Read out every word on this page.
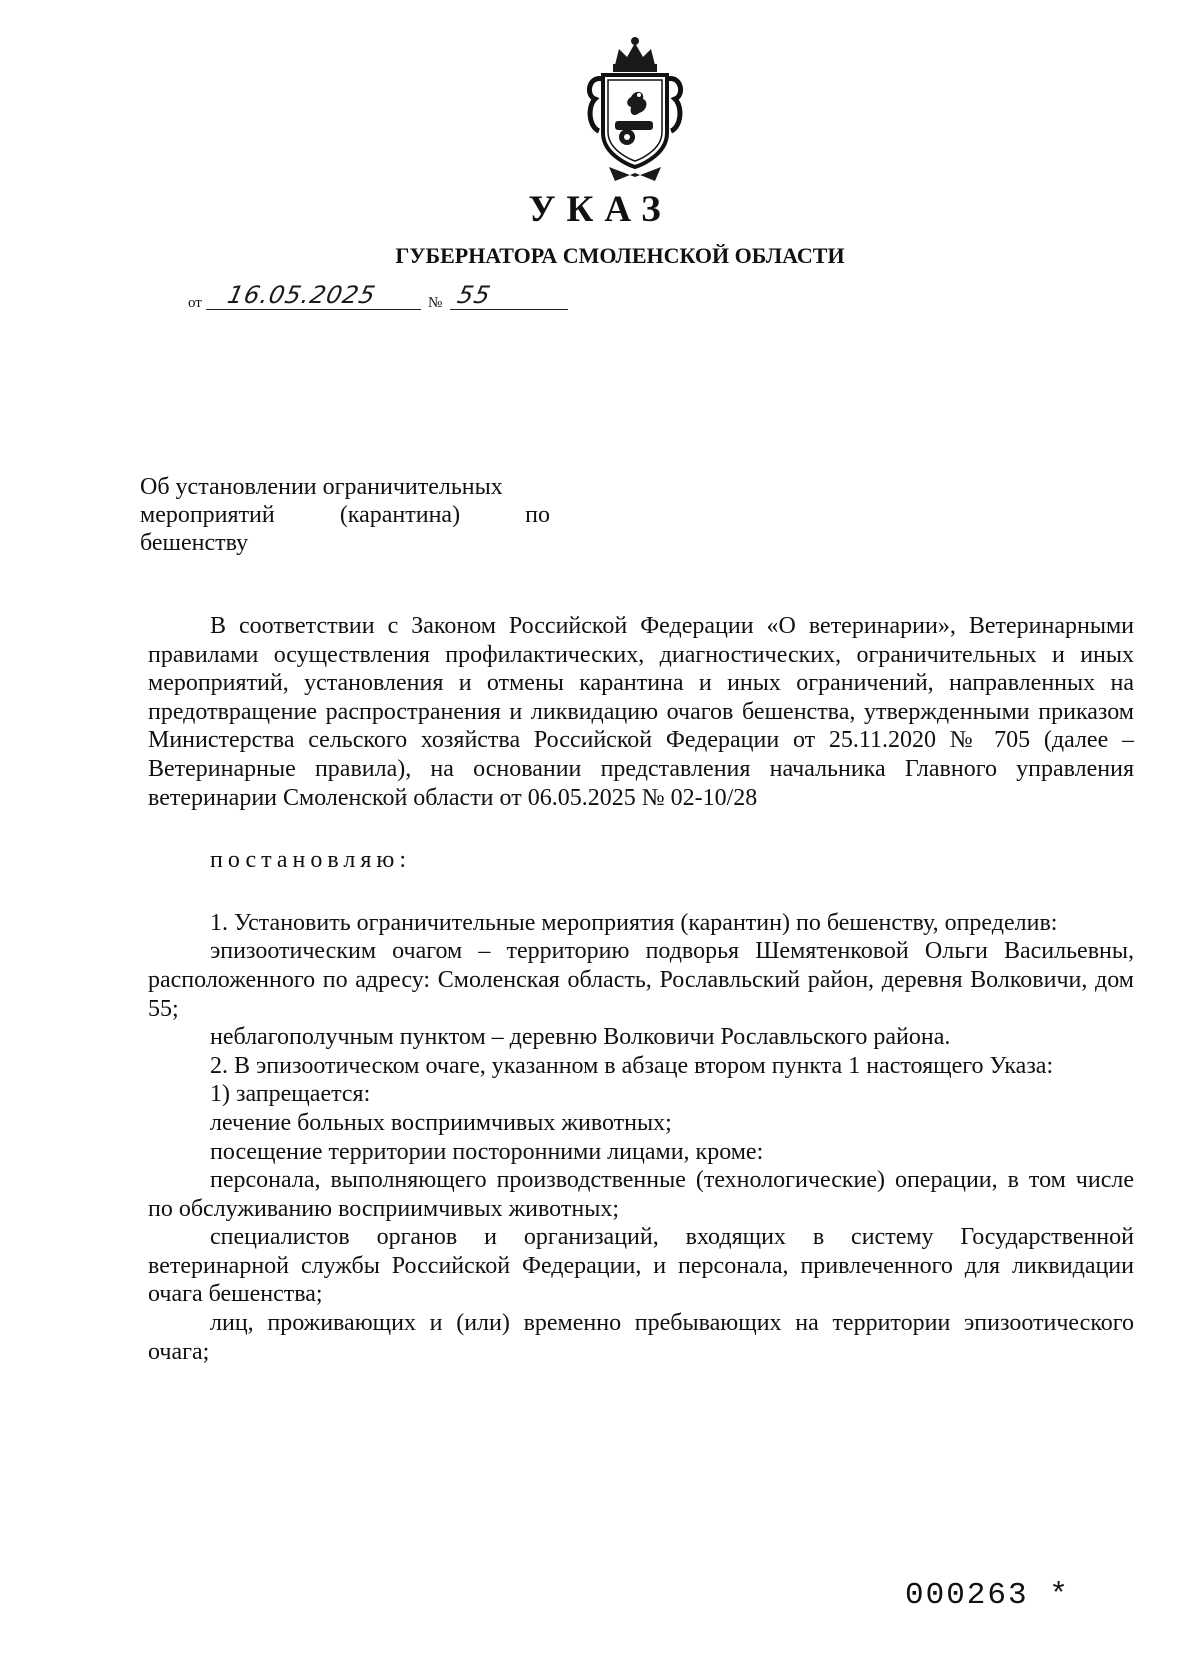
УКАЗ
ГУБЕРНАТОРА СМОЛЕНСКОЙ ОБЛАСТИ
от 16.05.2025	№ 55
Об установлении ограничительных
мероприятий	(карантина)	по
бешенству

В соответствии с Законом Российской Федерации «О ветеринарии», Ветеринарными правилами осуществления профилактических, диагностических, ограничительных и иных мероприятий, установления и отмены карантина и иных ограничений, направленных на предотвращение распространения и ликвидацию очагов бешенства, утвержденными приказом Министерства сельского хозяйства Российской Федерации от 25.11.2020 № 705 (далее – Ветеринарные правила), на основании представления начальника Главного управления ветеринарии Смоленской области от 06.05.2025 № 02-10/28

постановляю:

1. Установить ограничительные мероприятия (карантин) по бешенству, определив:

эпизоотическим очагом – территорию подворья Шемятенковой Ольги Васильевны, расположенного по адресу: Смоленская область, Рославльский район, деревня Волковичи, дом 55;

неблагополучным пунктом – деревню Волковичи Рославльского района.

2. В эпизоотическом очаге, указанном в абзаце втором пункта 1 настоящего Указа:

1) запрещается:

лечение больных восприимчивых животных;

посещение территории посторонними лицами, кроме:

персонала, выполняющего производственные (технологические) операции, в том числе по обслуживанию восприимчивых животных;

специалистов органов и организаций, входящих в систему Государственной ветеринарной службы Российской Федерации, и персонала, привлеченного для ликвидации очага бешенства;

лиц, проживающих и (или) временно пребывающих на территории эпизоотического очага;

000263 *
